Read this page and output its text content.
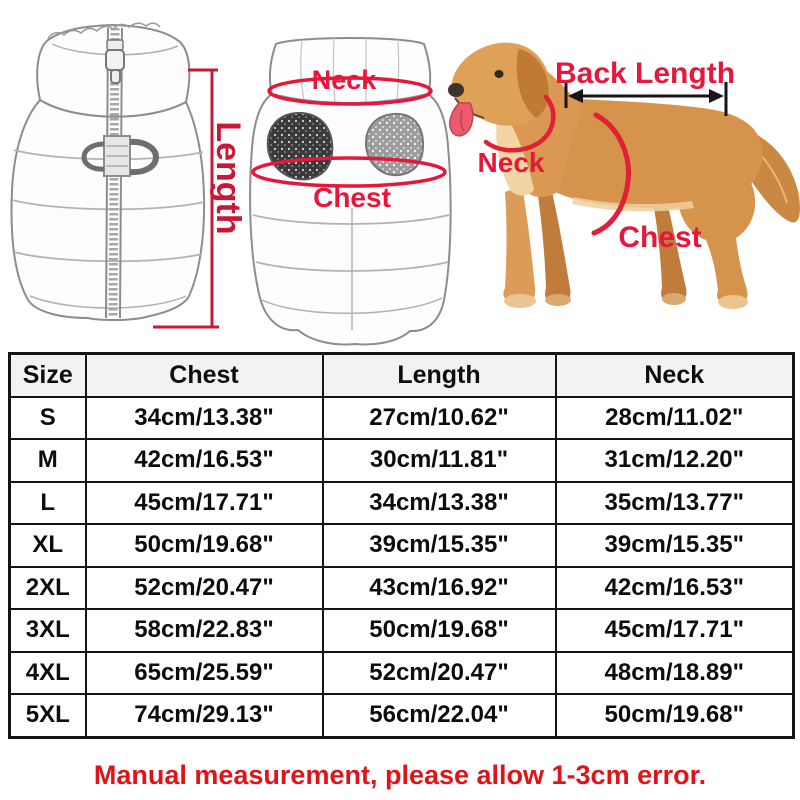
Length
Neck
Chest
Back Length
Neck
Chest
Size	Chest	Length	Neck
S	34cm/13.38"	27cm/10.62"	28cm/11.02"
M	42cm/16.53"	30cm/11.81"	31cm/12.20"
L	45cm/17.71"	34cm/13.38"	35cm/13.77"
XL	50cm/19.68"	39cm/15.35"	39cm/15.35"
2XL	52cm/20.47"	43cm/16.92"	42cm/16.53"
3XL	58cm/22.83"	50cm/19.68"	45cm/17.71"
4XL	65cm/25.59"	52cm/20.47"	48cm/18.89"
5XL	74cm/29.13"	56cm/22.04"	50cm/19.68"
Manual measurement, please allow 1-3cm error.
